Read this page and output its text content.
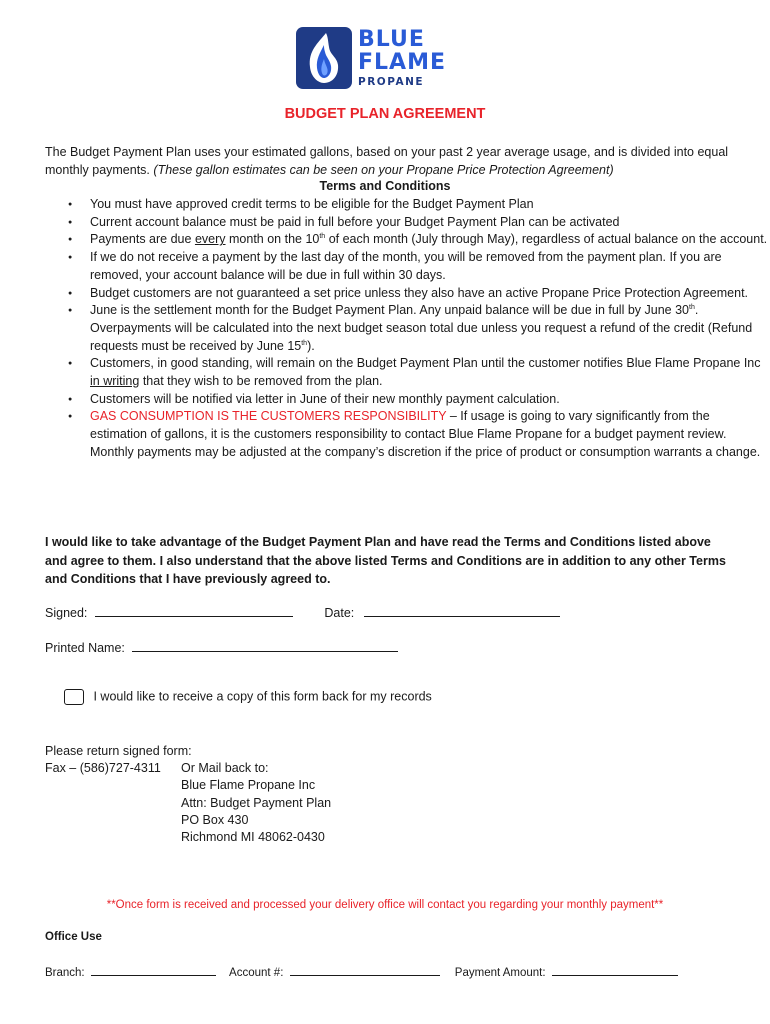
BLUE
FLAME
PROPANE
BUDGET PLAN AGREEMENT
The Budget Payment Plan uses your estimated gallons, based on your past 2 year average usage, and is divided into equal monthly payments. (These gallon estimates can be seen on your Propane Price Protection Agreement)
Terms and Conditions
● You must have approved credit terms to be eligible for the Budget Payment Plan
● Current account balance must be paid in full before your Budget Payment Plan can be activated
● Payments are due every month on the 10th of each month (July through May), regardless of actual balance on the account.
● If we do not receive a payment by the last day of the month, you will be removed from the payment plan. If you are removed, your account balance will be due in full within 30 days.
● Budget customers are not guaranteed a set price unless they also have an active Propane Price Protection Agreement.
● June is the settlement month for the Budget Payment Plan. Any unpaid balance will be due in full by June 30th. Overpayments will be calculated into the next budget season total due unless you request a refund of the credit (Refund requests must be received by June 15th).
● Customers, in good standing, will remain on the Budget Payment Plan until the customer notifies Blue Flame Propane Inc in writing that they wish to be removed from the plan.
● Customers will be notified via letter in June of their new monthly payment calculation.
● GAS CONSUMPTION IS THE CUSTOMERS RESPONSIBILITY – If usage is going to vary significantly from the estimation of gallons, it is the customers responsibility to contact Blue Flame Propane for a budget payment review. Monthly payments may be adjusted at the company’s discretion if the price of product or consumption warrants a change.
I would like to take advantage of the Budget Payment Plan and have read the Terms and Conditions listed above and agree to them. I also understand that the above listed Terms and Conditions are in addition to any other Terms and Conditions that I have previously agreed to.
Signed:	Date:
Printed Name:
I would like to receive a copy of this form back for my records
Please return signed form:
Fax – (586)727-4311	Or Mail back to:
Blue Flame Propane Inc
Attn: Budget Payment Plan
PO Box 430
Richmond MI 48062-0430
**Once form is received and processed your delivery office will contact you regarding your monthly payment**
Office Use
Branch:	Account #:	Payment Amount:
